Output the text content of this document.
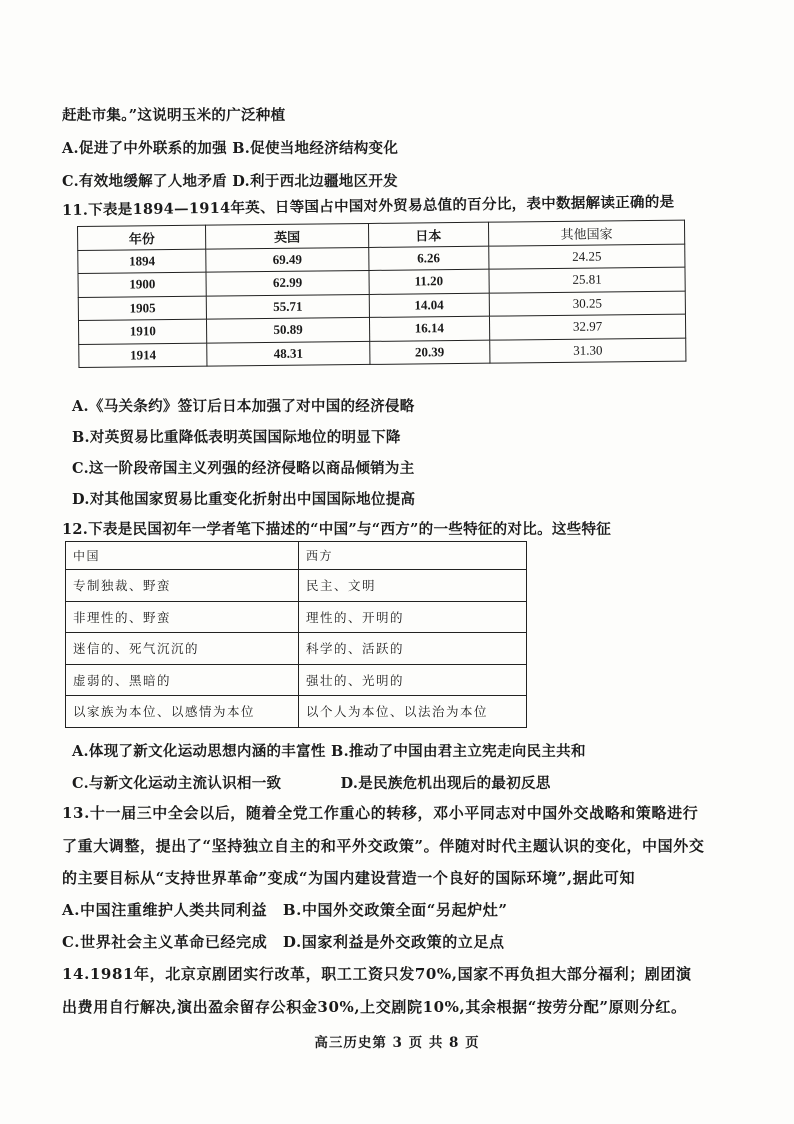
赶赴市集。”这说明玉米的广泛种植
A.促进了中外联系的加强 B.促使当地经济结构变化
C.有效地缓解了人地矛盾 D.利于西北边疆地区开发
11.下表是1894—1914年英、日等国占中国对外贸易总值的百分比，表中数据解读正确的是
年份	英国	日本	其他国家
1894	69.49	6.26	24.25
1900	62.99	11.20	25.81
1905	55.71	14.04	30.25
1910	50.89	16.14	32.97
1914	48.31	20.39	31.30
A.《马关条约》签订后日本加强了对中国的经济侵略
B.对英贸易比重降低表明英国国际地位的明显下降
C.这一阶段帝国主义列强的经济侵略以商品倾销为主
D.对其他国家贸易比重变化折射出中国国际地位提高
12.下表是民国初年一学者笔下描述的“中国”与“西方”的一些特征的对比。这些特征
中国	西方
专制独裁、野蛮	民主、文明
非理性的、野蛮	理性的、开明的
迷信的、死气沉沉的	科学的、活跃的
虚弱的、黑暗的	强壮的、光明的
以家族为本位、以感情为本位	以个人为本位、以法治为本位
A.体现了新文化运动思想内涵的丰富性 B.推动了中国由君主立宪走向民主共和
C.与新文化运动主流认识相一致　　　　D.是民族危机出现后的最初反思
13.十一届三中全会以后，随着全党工作重心的转移，邓小平同志对中国外交战略和策略进行
了重大调整，提出了“坚持独立自主的和平外交政策”。伴随对时代主题认识的变化，中国外交
的主要目标从“支持世界革命”变成“为国内建设营造一个良好的国际环境”,据此可知
A.中国注重维护人类共同利益　B.中国外交政策全面“另起炉灶”
C.世界社会主义革命已经完成　D.国家利益是外交政策的立足点
14.1981年，北京京剧团实行改革，职工工资只发70%,国家不再负担大部分福利；剧团演
出费用自行解决,演出盈余留存公积金30%,上交剧院10%,其余根据“按劳分配”原则分红。
高三历史第 3 页 共 8 页
